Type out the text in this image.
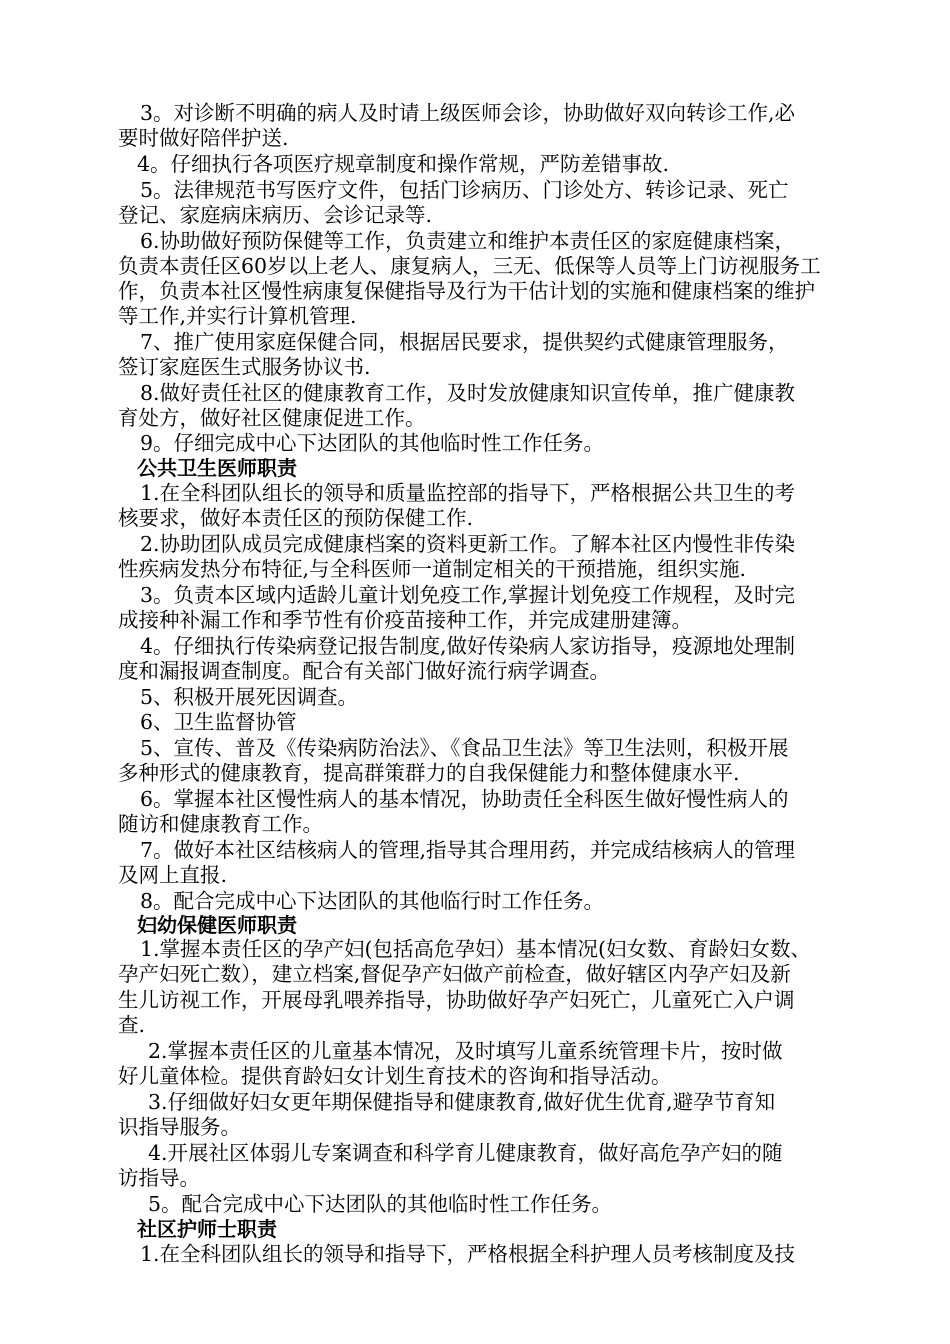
3。对诊断不明确的病人及时请上级医师会诊，协助做好双向转诊工作,必
要时做好陪伴护送.
4。仔细执行各项医疗规章制度和操作常规，严防差错事故.
5。法律规范书写医疗文件，包括门诊病历、门诊处方、转诊记录、死亡
登记、家庭病床病历、会诊记录等.
6.协助做好预防保健等工作，负责建立和维护本责任区的家庭健康档案，
负责本责任区60岁以上老人、康复病人，三无、低保等人员等上门访视服务工
作，负责本社区慢性病康复保健指导及行为干估计划的实施和健康档案的维护
等工作,并实行计算机管理.
7、推广使用家庭保健合同，根据居民要求，提供契约式健康管理服务，
签订家庭医生式服务协议书.
8.做好责任社区的健康教育工作，及时发放健康知识宣传单，推广健康教
育处方，做好社区健康促进工作。
9。仔细完成中心下达团队的其他临时性工作任务。
公共卫生医师职责
1.在全科团队组长的领导和质量监控部的指导下，严格根据公共卫生的考
核要求，做好本责任区的预防保健工作.
2.协助团队成员完成健康档案的资料更新工作。了解本社区内慢性非传染
性疾病发热分布特征,与全科医师一道制定相关的干预措施，组织实施.
3。负责本区域内适龄儿童计划免疫工作,掌握计划免疫工作规程，及时完
成接种补漏工作和季节性有价疫苗接种工作，并完成建册建簿。
4。仔细执行传染病登记报告制度,做好传染病人家访指导，疫源地处理制
度和漏报调查制度。配合有关部门做好流行病学调查。
5、积极开展死因调查。
6、卫生监督协管
5、宣传、普及《传染病防治法》、《食品卫生法》等卫生法则，积极开展
多种形式的健康教育，提高群策群力的自我保健能力和整体健康水平.
6。掌握本社区慢性病人的基本情况，协助责任全科医生做好慢性病人的
随访和健康教育工作。
7。做好本社区结核病人的管理,指导其合理用药，并完成结核病人的管理
及网上直报.
8。配合完成中心下达团队的其他临行时工作任务。
妇幼保健医师职责
1.掌握本责任区的孕产妇(包括高危孕妇）基本情况(妇女数、育龄妇女数、
孕产妇死亡数），建立档案,督促孕产妇做产前检查，做好辖区内孕产妇及新
生儿访视工作，开展母乳喂养指导，协助做好孕产妇死亡，儿童死亡入户调
查.
2.掌握本责任区的儿童基本情况，及时填写儿童系统管理卡片，按时做
好儿童体检。提供育龄妇女计划生育技术的咨询和指导活动。
3.仔细做好妇女更年期保健指导和健康教育,做好优生优育,避孕节育知
识指导服务。
4.开展社区体弱儿专案调查和科学育儿健康教育，做好高危孕产妇的随
访指导。
5。配合完成中心下达团队的其他临时性工作任务。
社区护师士职责
1.在全科团队组长的领导和指导下，严格根据全科护理人员考核制度及技
